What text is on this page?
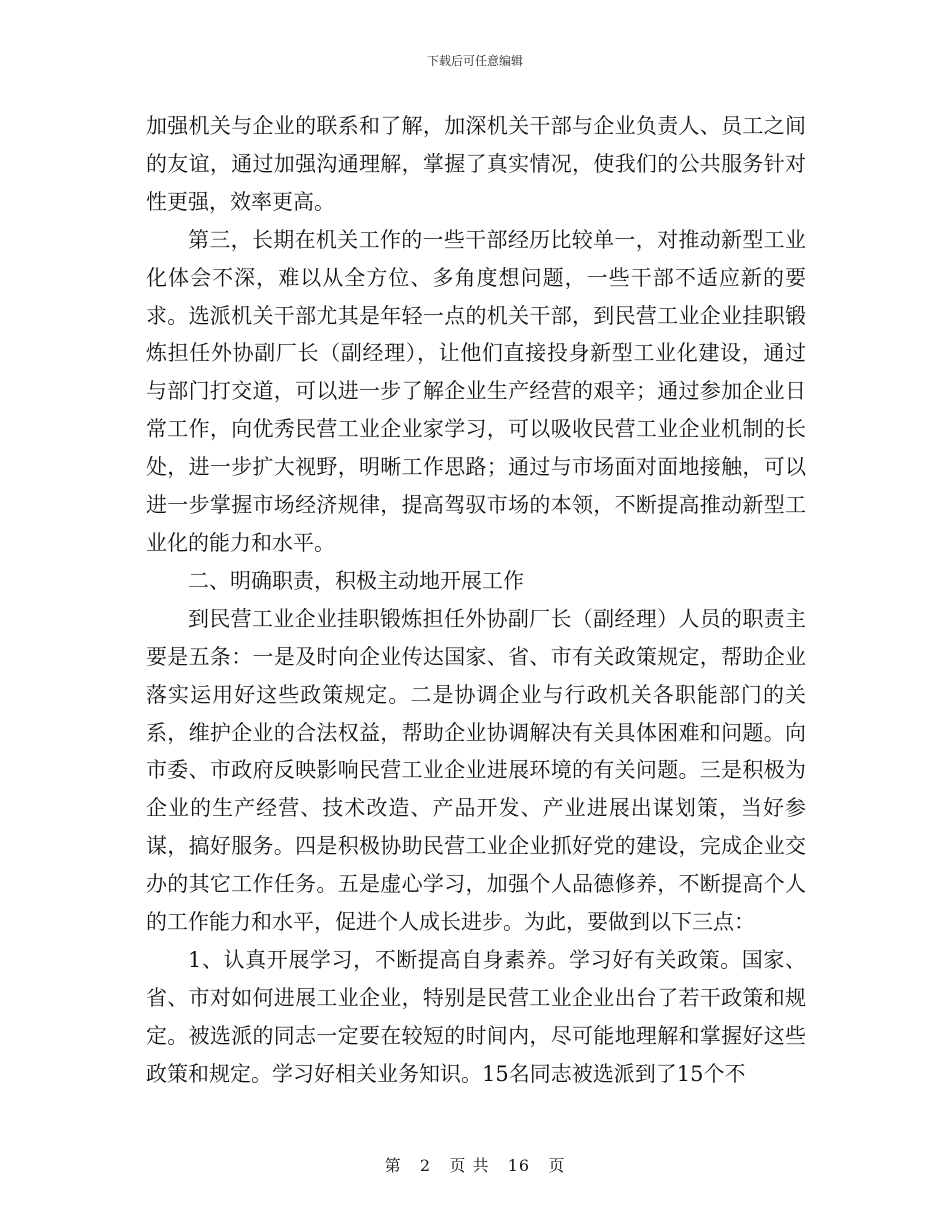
下载后可任意编辑

加强机关与企业的联系和了解，加深机关干部与企业负责人、员工之间的友谊，通过加强沟通理解，掌握了真实情况，使我们的公共服务针对性更强，效率更高。

第三，长期在机关工作的一些干部经历比较单一，对推动新型工业化体会不深，难以从全方位、多角度想问题，一些干部不适应新的要求。选派机关干部尤其是年轻一点的机关干部，到民营工业企业挂职锻炼担任外协副厂长（副经理），让他们直接投身新型工业化建设，通过与部门打交道，可以进一步了解企业生产经营的艰辛；通过参加企业日常工作，向优秀民营工业企业家学习，可以吸收民营工业企业机制的长处，进一步扩大视野，明晰工作思路；通过与市场面对面地接触，可以进一步掌握市场经济规律，提高驾驭市场的本领，不断提高推动新型工业化的能力和水平。

二、明确职责，积极主动地开展工作

到民营工业企业挂职锻炼担任外协副厂长（副经理）人员的职责主要是五条：一是及时向企业传达国家、省、市有关政策规定，帮助企业落实运用好这些政策规定。二是协调企业与行政机关各职能部门的关系，维护企业的合法权益，帮助企业协调解决有关具体困难和问题。向市委、市政府反映影响民营工业企业进展环境的有关问题。三是积极为企业的生产经营、技术改造、产品开发、产业进展出谋划策，当好参谋，搞好服务。四是积极协助民营工业企业抓好党的建设，完成企业交办的其它工作任务。五是虚心学习，加强个人品德修养，不断提高个人的工作能力和水平，促进个人成长进步。为此，要做到以下三点：

1、认真开展学习，不断提高自身素养。学习好有关政策。国家、省、市对如何进展工业企业，特别是民营工业企业出台了若干政策和规定。被选派的同志一定要在较短的时间内，尽可能地理解和掌握好这些政策和规定。学习好相关业务知识。15名同志被选派到了15个不

第 2 页 共 16 页
